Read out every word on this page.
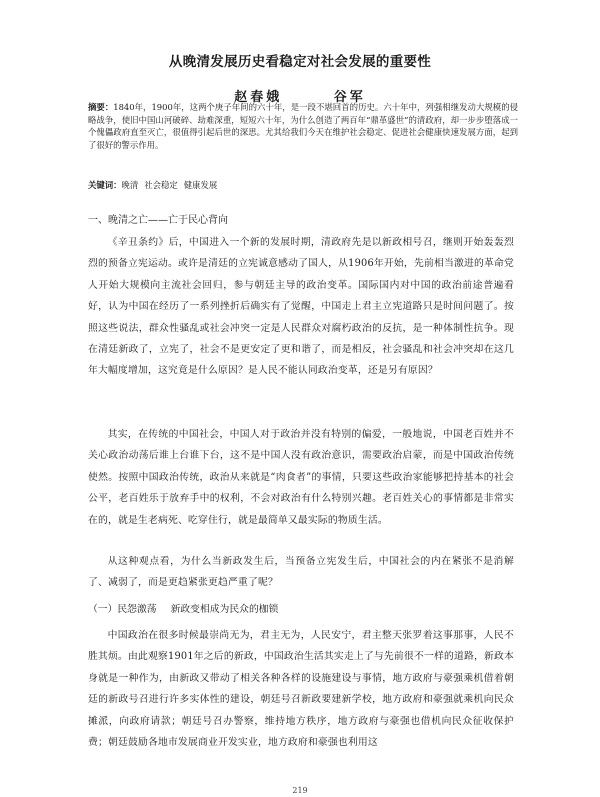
从晚清发展历史看稳定对社会发展的重要性
赵春娥	谷军

摘要：1840年，1900年，这两个庚子年间的六十年，是一段不堪回首的历史。六十年中，列强相继发动大规模的侵略战争，使旧中国山河破碎、劫难深重，短短六十年，为什么创造了两百年“鼎革盛世”的清政府，却一步步堕落成一个傀儡政府直至灭亡，很值得引起后世的深思。尤其给我们今天在维护社会稳定、促进社会健康快速发展方面，起到了很好的警示作用。

关键词：晚清 社会稳定 健康发展

一、晚清之亡——亡于民心背向

《辛丑条约》后，中国进入一个新的发展时期，清政府先是以新政相号召，继则开始轰轰烈烈的预备立宪运动。或许是清廷的立宪诚意感动了国人，从1906年开始，先前相当激进的革命党人开始大规模向主流社会回归，参与朝廷主导的政治变革。国际国内对中国的政治前途普遍看好，认为中国在经历了一系列挫折后确实有了觉醒，中国走上君主立宪道路只是时间问题了。按照这些说法，群众性骚乱或社会冲突一定是人民群众对腐朽政治的反抗，是一种体制性抗争。现在清廷新政了，立宪了，社会不是更安定了更和谐了，而是相反，社会骚乱和社会冲突却在这几年大幅度增加，这究竟是什么原因？是人民不能认同政治变革，还是另有原因？

其实，在传统的中国社会，中国人对于政治并没有特别的偏爱，一般地说，中国老百姓并不关心政治动荡后谁上台谁下台，这不是中国人没有政治意识，需要政治启蒙，而是中国政治传统使然。按照中国政治传统，政治从来就是“肉食者”的事情，只要这些政治家能够把持基本的社会公平，老百姓乐于放弃手中的权利，不会对政治有什么特别兴趣。老百姓关心的事情都是非常实在的，就是生老病死、吃穿住行，就是最简单又最实际的物质生活。

从这种观点看，为什么当新政发生后，当预备立宪发生后，中国社会的内在紧张不是消解了、减弱了，而是更趋紧张更趋严重了呢？

（一）民怨激荡 新政变相成为民众的枷锁

中国政治在很多时候最崇尚无为，君主无为，人民安宁，君主整天张罗着这事那事，人民不胜其烦。由此观察1901年之后的新政，中国政治生活其实走上了与先前很不一样的道路，新政本身就是一种作为，由新政又带动了相关各种各样的设施建设与事情，地方政府与豪强乘机借着朝廷的新政号召进行许多实体性的建设，朝廷号召新政要建新学校，地方政府和豪强就乘机向民众摊派，向政府请款；朝廷号召办警察，维持地方秩序，地方政府与豪强也借机向民众征收保护费；朝廷鼓励各地市发展商业开发实业，地方政府和豪强也利用这

219
